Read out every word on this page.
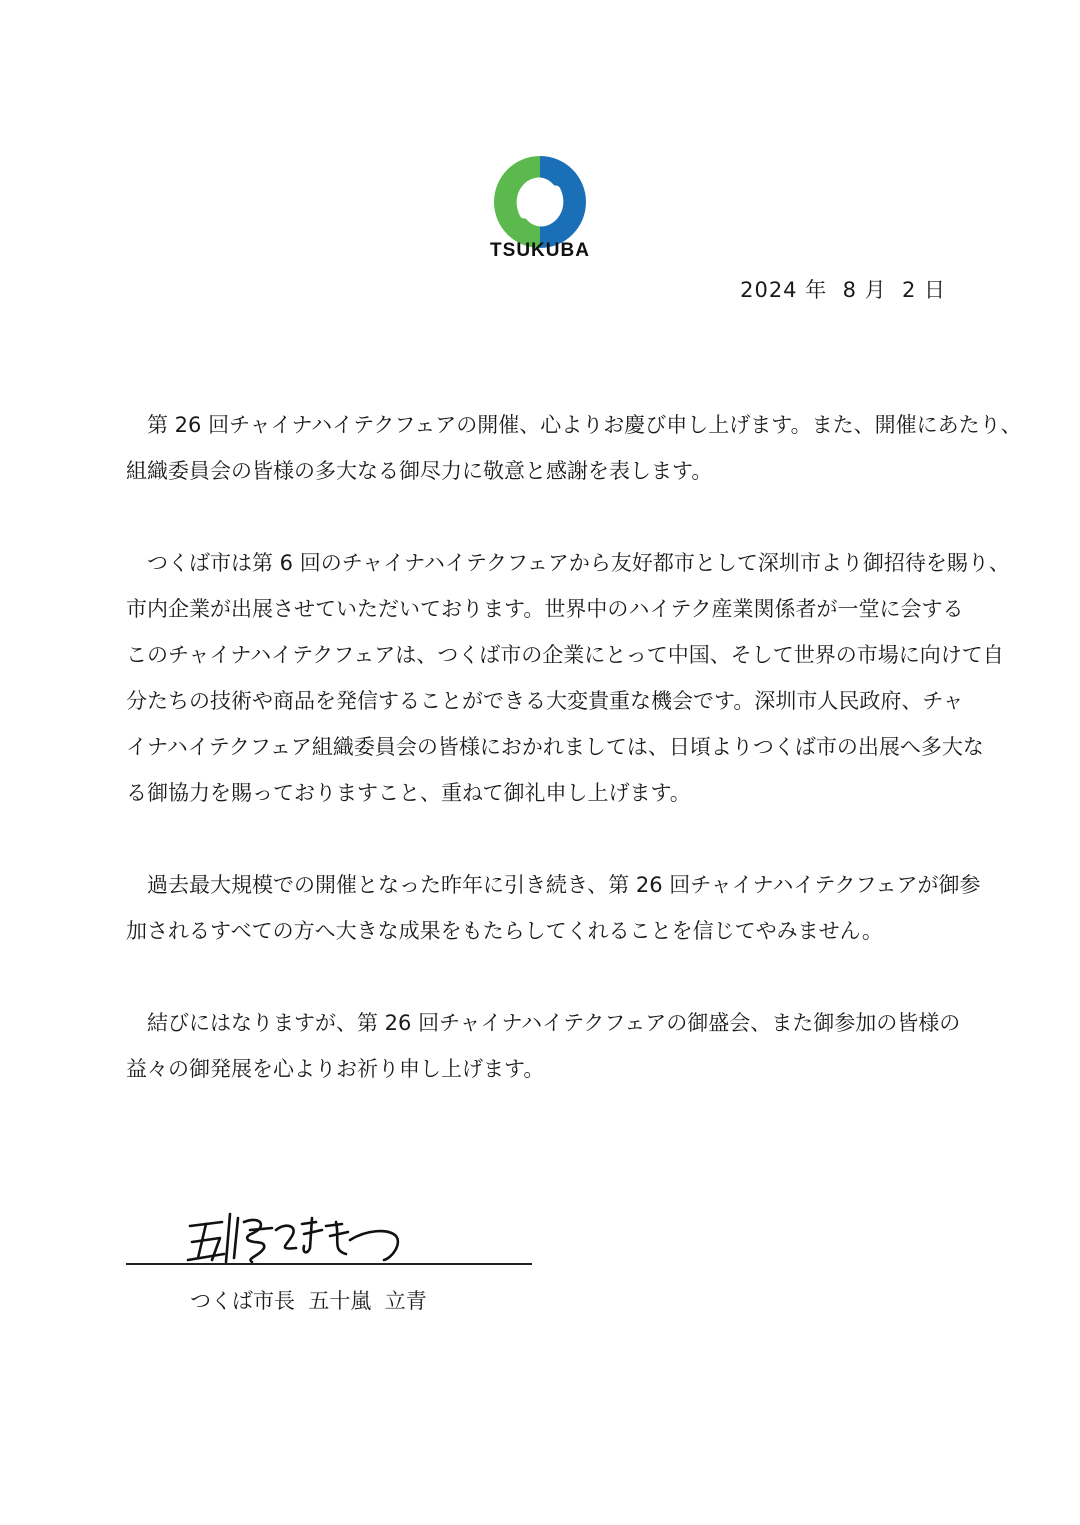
TSUKUBA
2024 年  8 月  2 日

　第 26 回チャイナハイテクフェアの開催、心よりお慶び申し上げます。また、開催にあたり、
組織委員会の皆様の多大なる御尽力に敬意と感謝を表します。

　つくば市は第 6 回のチャイナハイテクフェアから友好都市として深圳市より御招待を賜り、
市内企業が出展させていただいております。世界中のハイテク産業関係者が一堂に会する
このチャイナハイテクフェアは、つくば市の企業にとって中国、そして世界の市場に向けて自
分たちの技術や商品を発信することができる大変貴重な機会です。深圳市人民政府、チャ
イナハイテクフェア組織委員会の皆様におかれましては、日頃よりつくば市の出展へ多大な
る御協力を賜っておりますこと、重ねて御礼申し上げます。

　過去最大規模での開催となった昨年に引き続き、第 26 回チャイナハイテクフェアが御参
加されるすべての方へ大きな成果をもたらしてくれることを信じてやみません。

　結びにはなりますが、第 26 回チャイナハイテクフェアの御盛会、また御参加の皆様の
益々の御発展を心よりお祈り申し上げます。

つくば市長  五十嵐  立青
